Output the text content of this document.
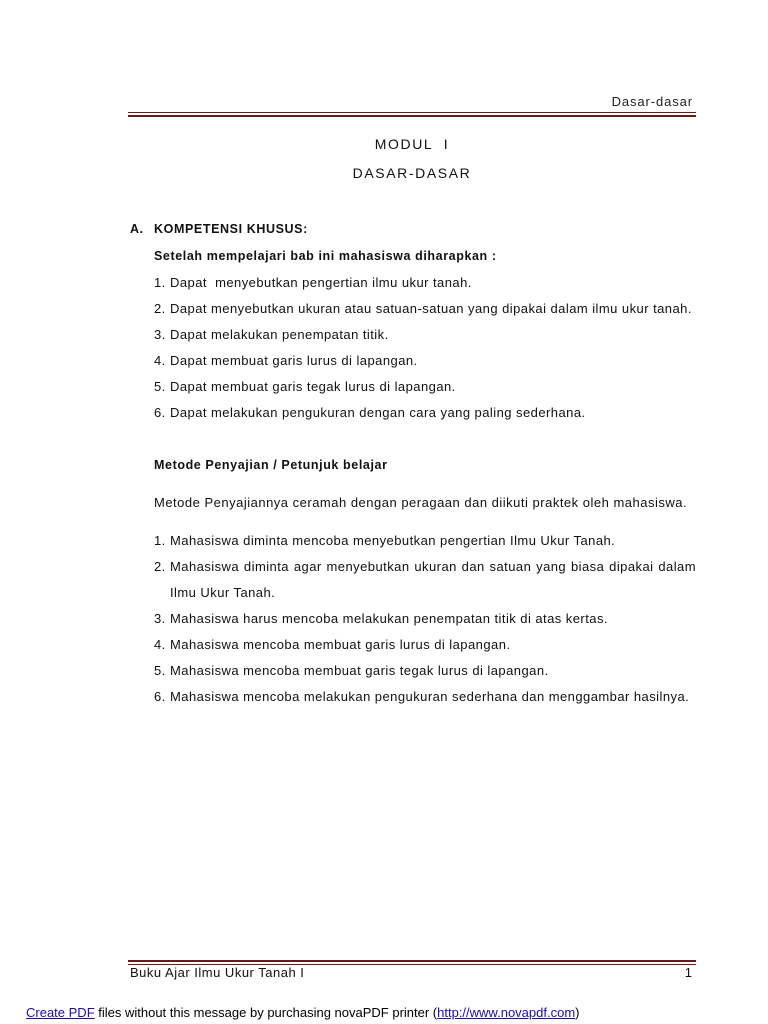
Dasar-dasar
MODUL  I
DASAR-DASAR
A. KOMPETENSI KHUSUS:
Setelah mempelajari bab ini mahasiswa diharapkan :
1. Dapat  menyebutkan pengertian ilmu ukur tanah.
2. Dapat menyebutkan ukuran atau satuan-satuan yang dipakai dalam ilmu ukur tanah.
3. Dapat melakukan penempatan titik.
4. Dapat membuat garis lurus di lapangan.
5. Dapat membuat garis tegak lurus di lapangan.
6. Dapat melakukan pengukuran dengan cara yang paling sederhana.
Metode Penyajian / Petunjuk belajar
Metode Penyajiannya ceramah dengan peragaan dan diikuti praktek oleh mahasiswa.
1. Mahasiswa diminta mencoba menyebutkan pengertian Ilmu Ukur Tanah.
2. Mahasiswa diminta agar menyebutkan ukuran dan satuan yang biasa dipakai dalam Ilmu Ukur Tanah.
3. Mahasiswa harus mencoba melakukan penempatan titik di atas kertas.
4. Mahasiswa mencoba membuat garis lurus di lapangan.
5. Mahasiswa mencoba membuat garis tegak lurus di lapangan.
6. Mahasiswa mencoba melakukan pengukuran sederhana dan menggambar hasilnya.
Buku Ajar Ilmu Ukur Tanah I	1
Create PDF files without this message by purchasing novaPDF printer (http://www.novapdf.com)
